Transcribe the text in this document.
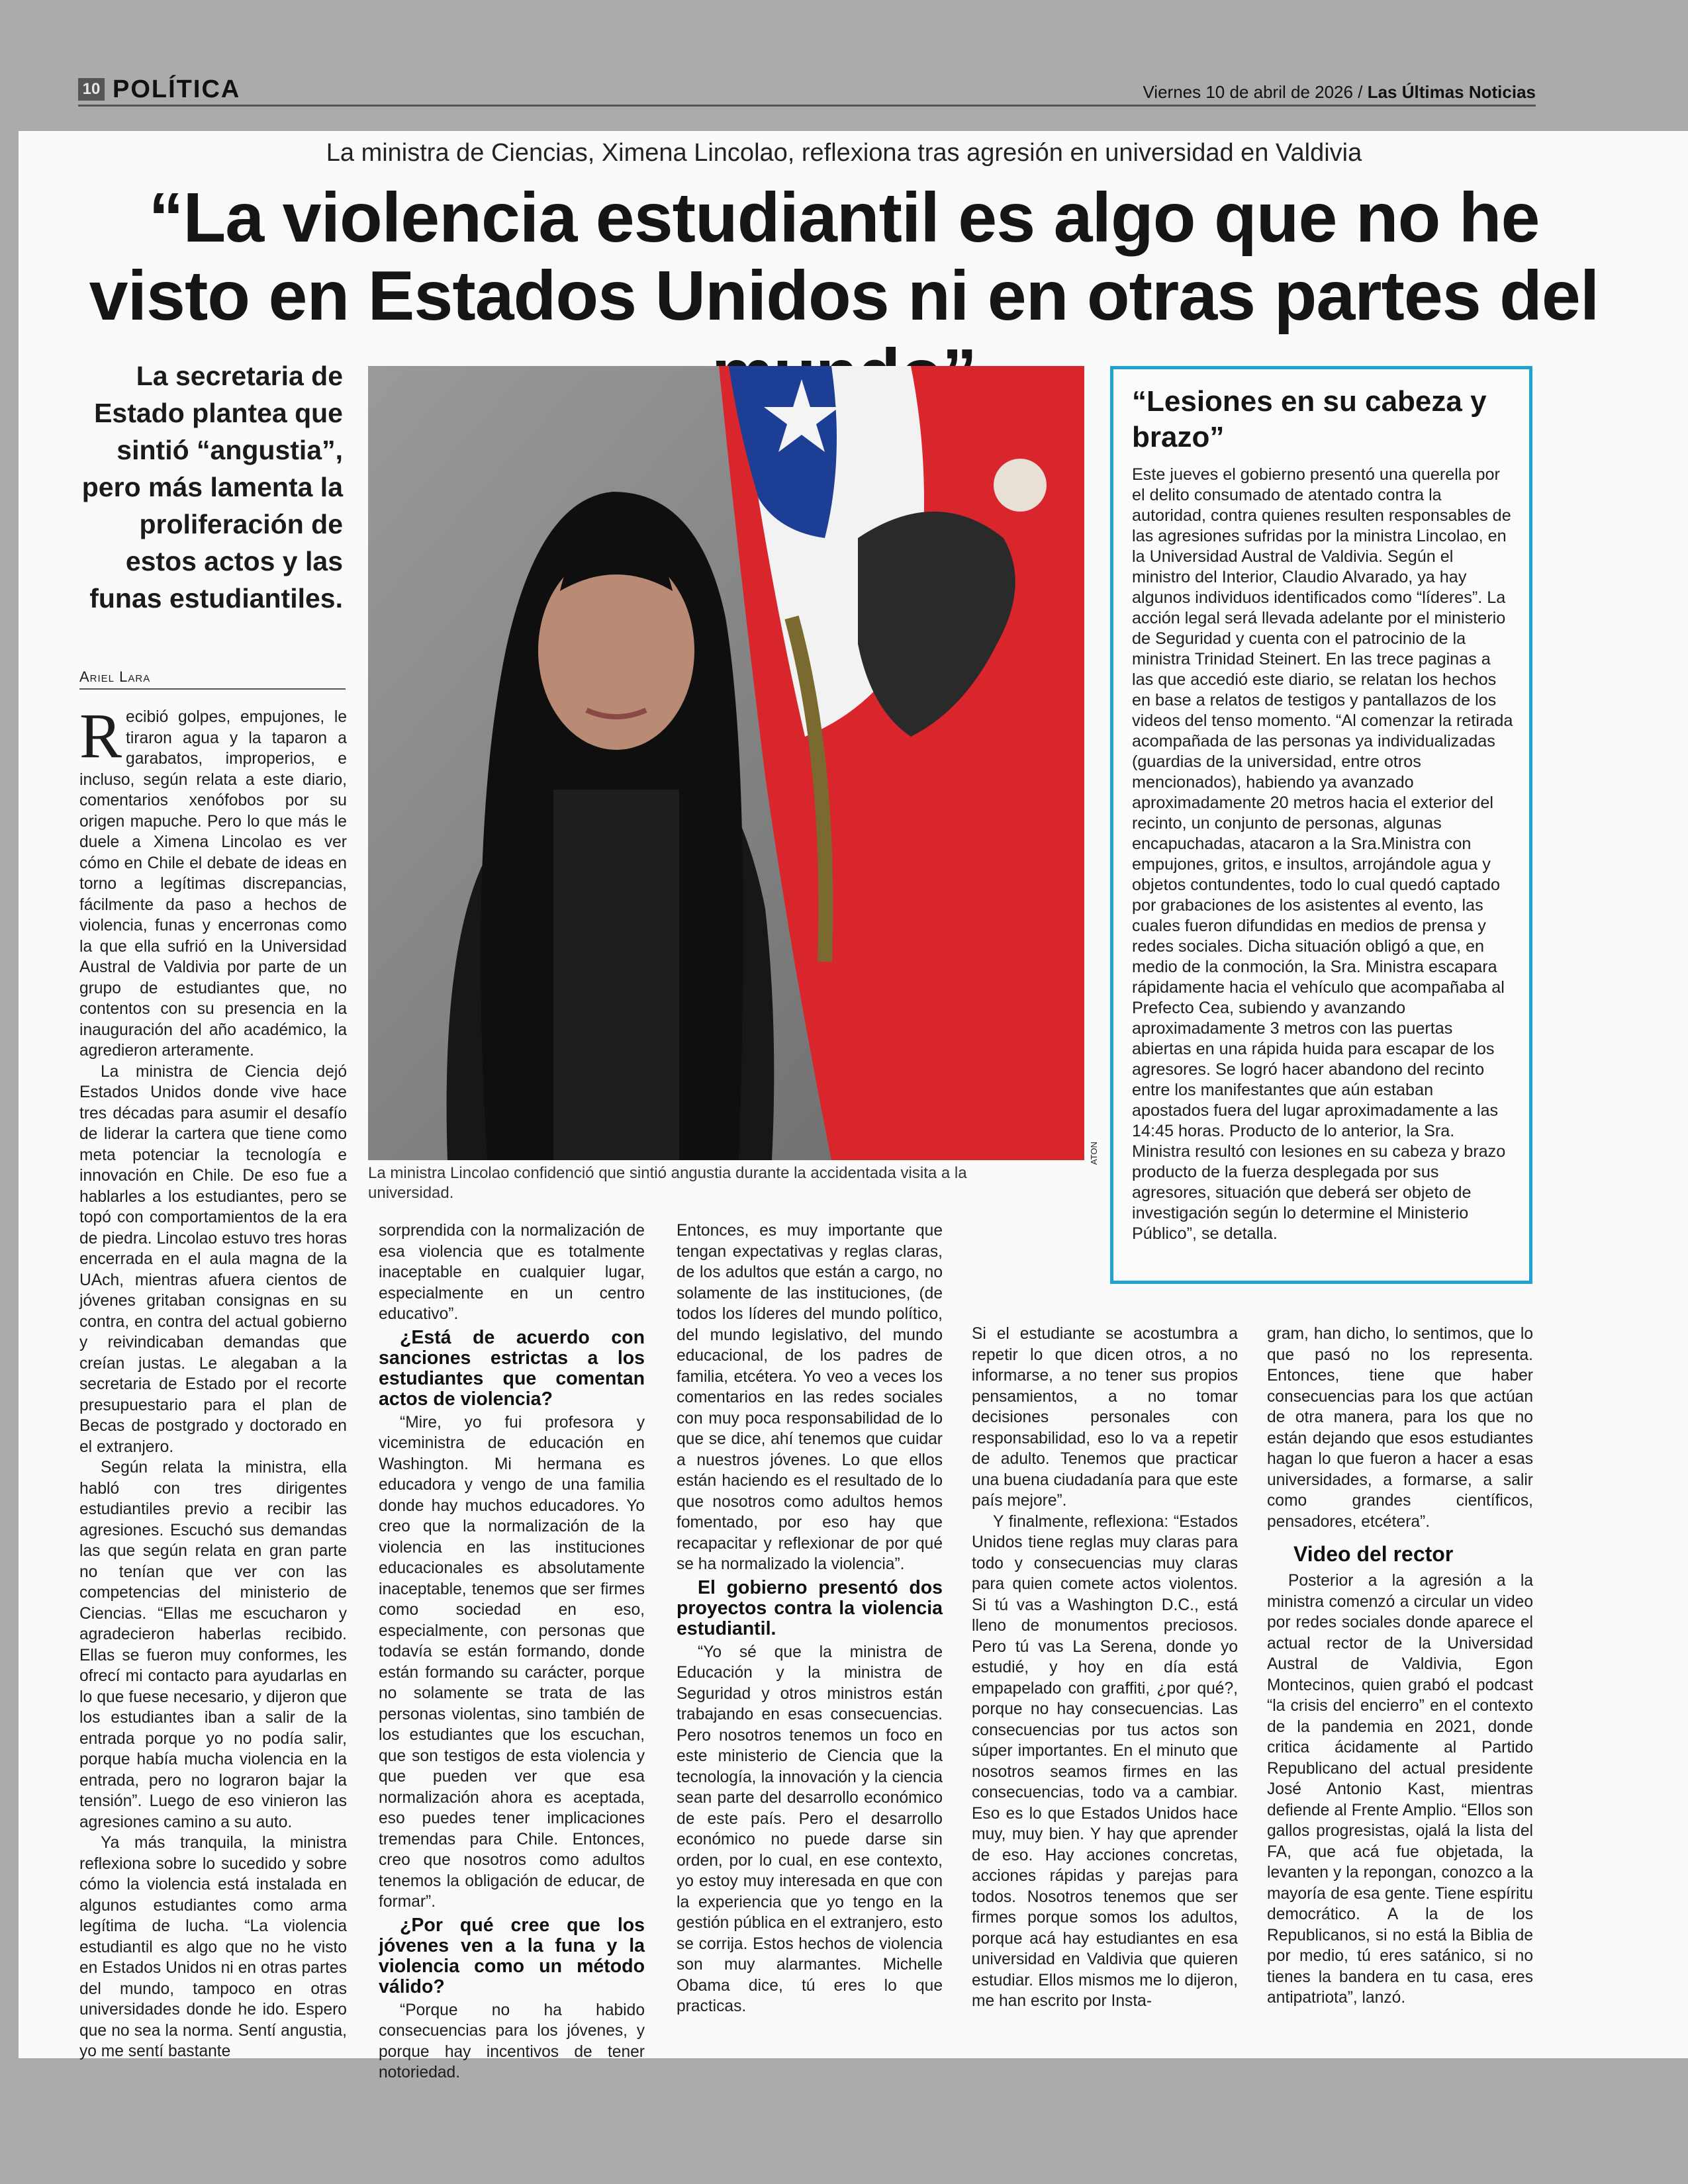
10 POLÍTICA	Viernes 10 de abril de 2026 / Las Últimas Noticias
La ministra de Ciencias, Ximena Lincolao, reflexiona tras agresión en universidad en Valdivia
“La violencia estudiantil es algo que no he visto en Estados Unidos ni en otras partes del
La secretaria de Estado plantea que sintió “angustia”, pero más lamenta la proliferación de estos actos y las funas estudiantiles.
Ariel Lara
ATON
La ministra Lincolao confidenció que sintió angustia durante la accidentada visita a la universidad.
“Lesiones en su cabeza y brazo”
Este jueves el gobierno presentó una querella por el delito consumado de atentado contra la autoridad, contra quienes resulten responsables de las agresiones sufridas por la ministra Lincolao, en la Universidad Austral de Valdivia. Según el ministro del Interior, Claudio Alvarado, ya hay algunos individuos identificados como “líderes”. La acción legal será llevada adelante por el ministerio de Seguridad y cuenta con el patrocinio de la ministra Trinidad Steinert. En las trece paginas a las que accedió este diario, se relatan los hechos en base a relatos de testigos y pantallazos de los videos del tenso momento. “Al comenzar la retirada acompañada de las personas ya individualizadas (guardias de la universidad, entre otros mencionados), habiendo ya avanzado aproximadamente 20 metros hacia el exterior del recinto, un conjunto de personas, algunas encapuchadas, atacaron a la Sra.Ministra con empujones, gritos, e insultos, arrojándole agua y objetos contundentes, todo lo cual quedó captado por grabaciones de los asistentes al evento, las cuales fueron difundidas en medios de prensa y redes sociales. Dicha situación obligó a que, en medio de la conmoción, la Sra. Ministra escapara rápidamente hacia el vehículo que acompañaba al Prefecto Cea, subiendo y avanzando aproximadamente 3 metros con las puertas abiertas en una rápida huida para escapar de los agresores. Se logró hacer abandono del recinto entre los manifestantes que aún estaban apostados fuera del lugar aproximadamente a las 14:45 horas. Producto de lo anterior, la Sra. Ministra resultó con lesiones en su cabeza y brazo producto de la fuerza desplegada por sus agresores, situación que deberá ser objeto de investigación según lo determine el Ministerio Público”, se detalla.

Recibió golpes, empujones, le tiraron agua y la taparon a garabatos, improperios, e incluso, según relata a este diario, comentarios xenófobos por su origen mapuche. Pero lo que más le duele a Ximena Lincolao es ver cómo en Chile el debate de ideas en torno a legítimas discrepancias, fácilmente da paso a hechos de violencia, funas y encerronas como la que ella sufrió en la Universidad Austral de Valdivia por parte de un grupo de estudiantes que, no contentos con su presencia en la inauguración del año académico, la agredieron arteramente.

La ministra de Ciencia dejó Estados Unidos donde vive hace tres décadas para asumir el desafío de liderar la cartera que tiene como meta potenciar la tecnología e innovación en Chile. De eso fue a hablarles a los estudiantes, pero se topó con comportamientos de la era de piedra. Lincolao estuvo tres horas encerrada en el aula magna de la UAch, mientras afuera cientos de jóvenes gritaban consignas en su contra, en contra del actual gobierno y reivindicaban demandas que creían justas. Le alegaban a la secretaria de Estado por el recorte presupuestario para el plan de Becas de postgrado y doctorado en el extranjero.

Según relata la ministra, ella habló con tres dirigentes estudiantiles previo a recibir las agresiones. Escuchó sus demandas las que según relata en gran parte no tenían que ver con las competencias del ministerio de Ciencias. “Ellas me escucharon y agradecieron haberlas recibido. Ellas se fueron muy conformes, les ofrecí mi contacto para ayudarlas en lo que fuese necesario, y dijeron que los estudiantes iban a salir de la entrada porque yo no podía salir, porque había mucha violencia en la entrada, pero no lograron bajar la tensión”. Luego de eso vinieron las agresiones camino a su auto.

Ya más tranquila, la ministra reflexiona sobre lo sucedido y sobre cómo la violencia está instalada en algunos estudiantes como arma legítima de lucha. “La violencia estudiantil es algo que no he visto en Estados Unidos ni en otras partes del mundo, tampoco en otras universidades donde he ido. Espero que no sea la norma. Sentí angustia, yo me sentí bastante

sorprendida con la normalización de esa violencia que es totalmente inaceptable en cualquier lugar, especialmente en un centro educativo”.

¿Está de acuerdo con sanciones estrictas a los estudiantes que comentan actos de violencia?

“Mire, yo fui profesora y viceministra de educación en Washington. Mi hermana es educadora y vengo de una familia donde hay muchos educadores. Yo creo que la normalización de la violencia en las instituciones educacionales es absolutamente inaceptable, tenemos que ser firmes como sociedad en eso, especialmente, con personas que todavía se están formando, donde están formando su carácter, porque no solamente se trata de las personas violentas, sino también de los estudiantes que los escuchan, que son testigos de esta violencia y que pueden ver que esa normalización ahora es aceptada, eso puedes tener implicaciones tremendas para Chile. Entonces, creo que nosotros como adultos tenemos la obligación de educar, de formar”.

¿Por qué cree que los jóvenes ven a la funa y la violencia como un método válido?

“Porque no ha habido consecuencias para los jóvenes, y porque hay incentivos de tener notoriedad.

Entonces, es muy importante que tengan expectativas y reglas claras, de los adultos que están a cargo, no solamente de las instituciones, (de todos los líderes del mundo político, del mundo legislativo, del mundo educacional, de los padres de familia, etcétera. Yo veo a veces los comentarios en las redes sociales con muy poca responsabilidad de lo que se dice, ahí tenemos que cuidar a nuestros jóvenes. Lo que ellos están haciendo es el resultado de lo que nosotros como adultos hemos fomentado, por eso hay que recapacitar y reflexionar de por qué se ha normalizado la violencia”.

El gobierno presentó dos proyectos contra la violencia estudiantil.

“Yo sé que la ministra de Educación y la ministra de Seguridad y otros ministros están trabajando en esas consecuencias. Pero nosotros tenemos un foco en este ministerio de Ciencia que la tecnología, la innovación y la ciencia sean parte del desarrollo económico de este país. Pero el desarrollo económico no puede darse sin orden, por lo cual, en ese contexto, yo estoy muy interesada en que con la experiencia que yo tengo en la gestión pública en el extranjero, esto se corrija. Estos hechos de violencia son muy alarmantes. Michelle Obama dice, tú eres lo que practicas.

Si el estudiante se acostumbra a repetir lo que dicen otros, a no informarse, a no tener sus propios pensamientos, a no tomar decisiones personales con responsabilidad, eso lo va a repetir de adulto. Tenemos que practicar una buena ciudadanía para que este país mejore”.

Y finalmente, reflexiona: “Estados Unidos tiene reglas muy claras para todo y consecuencias muy claras para quien comete actos violentos. Si tú vas a Washington D.C., está lleno de monumentos preciosos. Pero tú vas La Serena, donde yo estudié, y hoy en día está empapelado con graffiti, ¿por qué?, porque no hay consecuencias. Las consecuencias por tus actos son súper importantes. En el minuto que nosotros seamos firmes en las consecuencias, todo va a cambiar. Eso es lo que Estados Unidos hace muy, muy bien. Y hay que aprender de eso. Hay acciones concretas, acciones rápidas y parejas para todos. Nosotros tenemos que ser firmes porque somos los adultos, porque acá hay estudiantes en esa universidad en Valdivia que quieren estudiar. Ellos mismos me lo dijeron, me han escrito por Insta-

gram, han dicho, lo sentimos, que lo que pasó no los representa. Entonces, tiene que haber consecuencias para los que actúan de otra manera, para los que no están dejando que esos estudiantes hagan lo que fueron a hacer a esas universidades, a formarse, a salir como grandes científicos, pensadores, etcétera”.

Video del rector

Posterior a la agresión a la ministra comenzó a circular un video por redes sociales donde aparece el actual rector de la Universidad Austral de Valdivia, Egon Montecinos, quien grabó el podcast “la crisis del encierro” en el contexto de la pandemia en 2021, donde critica ácidamente al Partido Republicano del actual presidente José Antonio Kast, mientras defiende al Frente Amplio. “Ellos son gallos progresistas, ojalá la lista del FA, que acá fue objetada, la levanten y la repongan, conozco a la mayoría de esa gente. Tiene espíritu democrático. A la de los Republicanos, si no está la Biblia de por medio, tú eres satánico, si no tienes la bandera en tu casa, eres antipatriota”, lanzó.
